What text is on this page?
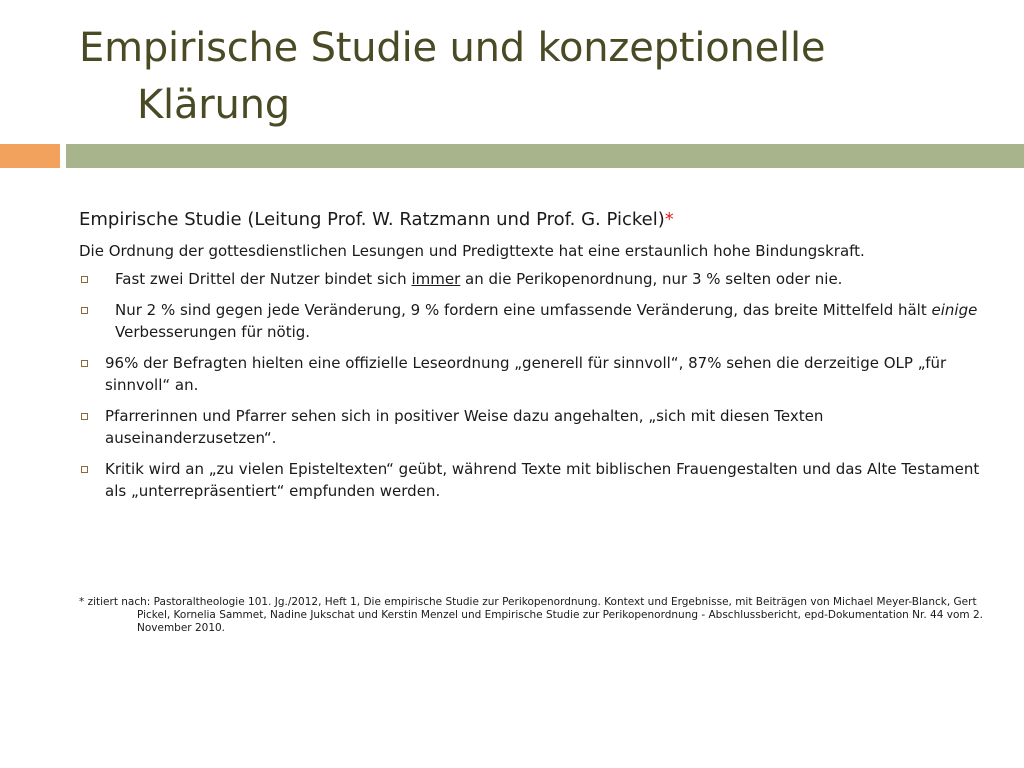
Empirische Studie und konzeptionelle
Klärung
Empirische Studie (Leitung Prof. W. Ratzmann und Prof. G. Pickel)*
Die Ordnung der gottesdienstlichen Lesungen und Predigttexte hat eine erstaunlich hohe Bindungskraft.
Fast zwei Drittel der Nutzer bindet sich immer an die Perikopenordnung, nur 3 % selten oder nie.
Nur 2 % sind gegen jede Veränderung, 9 % fordern eine umfassende Veränderung, das breite Mittelfeld hält einige Verbesserungen für nötig.
96% der Befragten hielten eine offizielle Leseordnung „generell für sinnvoll“, 87% sehen die derzeitige OLP „für sinnvoll“ an.
Pfarrerinnen und Pfarrer sehen sich in positiver Weise dazu angehalten, „sich mit diesen Texten auseinanderzusetzen“.
Kritik wird an „zu vielen Episteltexten“ geübt, während Texte mit biblischen Frauengestalten und das Alte Testament als „unterrepräsentiert“ empfunden werden.
* zitiert nach: Pastoraltheologie 101. Jg./2012, Heft 1, Die empirische Studie zur Perikopenordnung. Kontext und Ergebnisse, mit Beiträgen von Michael Meyer-Blanck, Gert Pickel, Kornelia Sammet, Nadine Jukschat und Kerstin Menzel und Empirische Studie zur Perikopenordnung - Abschlussbericht, epd-Dokumentation Nr. 44 vom 2. November 2010.
